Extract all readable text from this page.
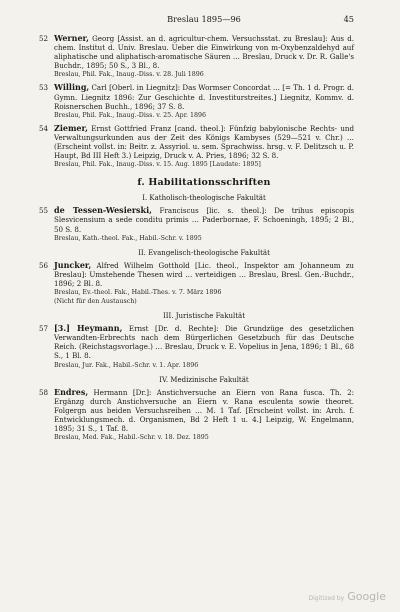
Breslau 1895—96	45
52 Werner, Georg [Assist. an d. agricultur-chem. Versuchsstat. zu Breslau]: Aus d. chem. Institut d. Univ. Breslau. Ueber die Einwirkung von m-Oxybenzaldehyd auf aliphatische und aliphatisch-aromatische Säuren … Breslau, Druck v. Dr. R. Galle's Buchdr., 1895; 50 S., 3 Bl., 8.
Breslau, Phil. Fak., Inaug.-Diss. v. 28. Juli 1896
53 Willing, Carl [Oberl. in Liegnitz]: Das Wormser Concordat … [= Th. 1 d. Progr. d. Gymn. Liegnitz 1896: Zur Geschichte d. Investiturstreites.] Liegnitz, Kommv. d. Roisnerschen Buchh., 1896; 37 S. 8.
Breslau, Phil. Fak., Inaug.-Diss. v. 25. Apr. 1896
54 Ziemer, Ernst Gottfried Franz [cand. theol.]: Fünfzig babylonische Rechts- und Verwaltungsurkunden aus der Zeit des Königs Kambyses (529—521 v. Chr.) … (Erscheint vollst. in: Beitr. z. Assyriol. u. sem. Sprachwiss. hrsg. v. F. Delitzsch u. P. Haupt, Bd III Heft 3.) Leipzig, Druck v. A. Pries, 1896; 32 S. 8.
Breslau, Phil. Fak., Inaug.-Diss. v. 15. Aug. 1895 [Laudate: 1895]
f. Habilitationsschriften
I. Katholisch-theologische Fakultät
55 de Tessen-Wesierski, Franciscus [lic. s. theol.]: De trihus episcopis Slesvicensium a sede conditu primis … Paderbornae, F. Schoeningh, 1895; 2 Bl., 50 S. 8.
Breslau, Kath.-theol. Fak., Habil.-Schr. v. 1895
II. Evangelisch-theologische Fakultät
56 Juncker, Alfred Wilhelm Gotthold [Lic. theol., Inspektor am Johanneum zu Breslau]: Umstehende Thesen wird … verteidigen … Breslau, Bresl. Gen.-Buchdr., 1896; 2 Bl. 8.
Breslau, Ev.-theol. Fak., Habil.-Thes. v. 7. März 1896
(Nicht für den Austausch)
III. Juristische Fakultät
57 [3.] Heymann, Ernst [Dr. d. Rechte]: Die Grundzüge des gesetzlichen Verwandten-Erbrechts nach dem Bürgerlichen Gesetzbuch für das Deutsche Reich. (Reichstagsvorlage.) … Breslau, Druck v. E. Vopelius in Jena, 1896; 1 Bl., 68 S., 1 Bl. 8.
Breslau, Jur. Fak., Habil.-Schr. v. 1. Apr. 1896
IV. Medizinische Fakultät
58 Endres, Hermann [Dr.]: Anstichversuche an Eiern von Rana fusca. Th. 2: Ergänzg durch Anstichversuche an Eiern v. Rana esculenta sowie theoret. Folgergn aus beiden Versuchsreihen … M. 1 Taf. [Erscheint vollst. in: Arch. f. Entwicklungsmech. d. Organismen, Bd 2 Heft 1 u. 4.] Leipzig, W. Engelmann, 1895; 31 S., 1 Taf. 8.
Breslau, Med. Fak., Habil.-Schr. v. 18. Dez. 1895
Digitized by Google
